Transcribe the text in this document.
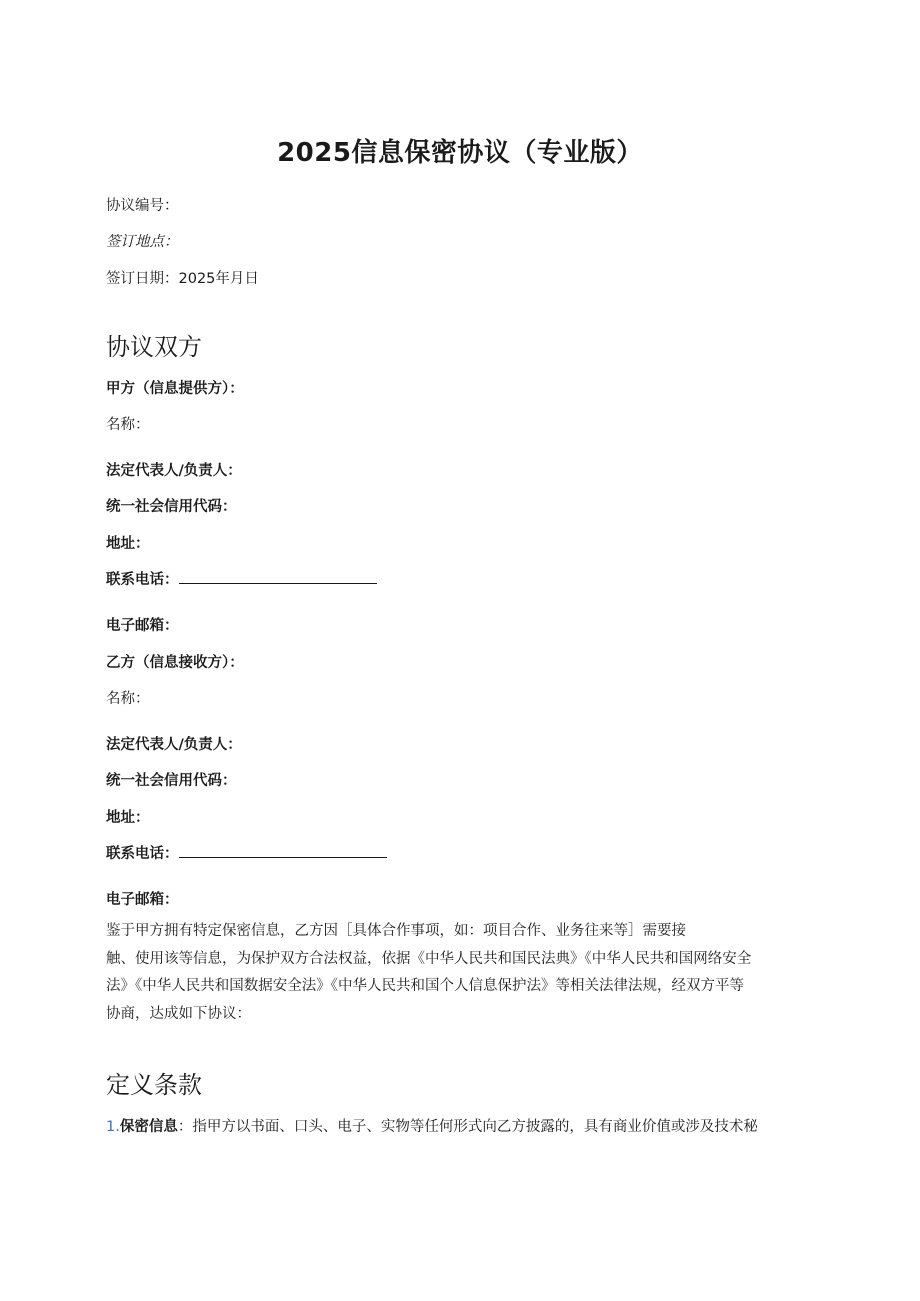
2025信息保密协议（专业版）
协议编号：
签订地点：
签订日期：2025年月日
协议双方
甲方（信息提供方）：
名称：
法定代表人/负责人：
统一社会信用代码：
地址：
联系电话：
电子邮箱：
乙方（信息接收方）：
名称：
法定代表人/负责人：
统一社会信用代码：
地址：
联系电话：
电子邮箱：
鉴于甲方拥有特定保密信息，乙方因［具体合作事项，如：项目合作、业务往来等］需要接
触、使用该等信息，为保护双方合法权益，依据《中华人民共和国民法典》《中华人民共和国网络安全
法》《中华人民共和国数据安全法》《中华人民共和国个人信息保护法》等相关法律法规，经双方平等
协商，达成如下协议：
定义条款
1.保密信息：指甲方以书面、口头、电子、实物等任何形式向乙方披露的，具有商业价值或涉及技术秘
